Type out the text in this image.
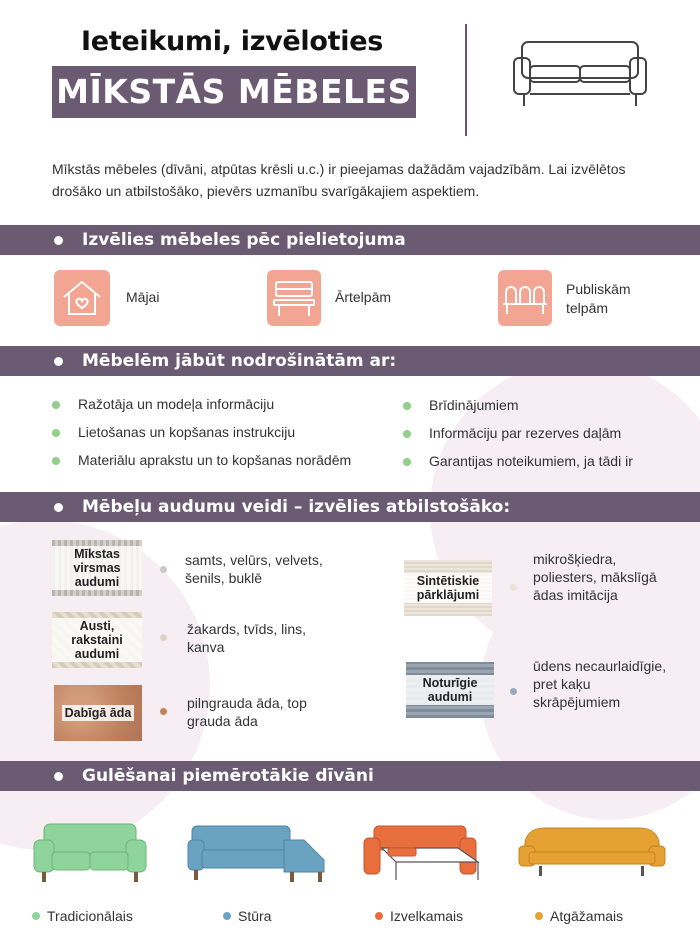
Ieteikumi, izvēloties
MĪKSTĀS MĒBELES
Mīkstās mēbeles (dīvāni, atpūtas krēsli u.c.) ir pieejamas dažādām vajadzībām. Lai izvēlētos drošāko un atbilstošāko, pievērs uzmanību svarīgākajiem aspektiem.
Izvēlies mēbeles pēc pielietojuma
Mājai	Ārtelpām	Publiskām telpām
Mēbelēm jābūt nodrošinātām ar:
Ražotāja un modeļa informāciju
Lietošanas un kopšanas instrukciju
Materiālu aprakstu un to kopšanas norādēm
Brīdinājumiem
Informāciju par rezerves daļām
Garantijas noteikumiem, ja tādi ir
Mēbeļu audumu veidi – izvēlies atbilstošāko:
Mīkstas virsmas audumi
samts, velūrs, velvets, šenils, buklē
Austi, rakstaini audumi
žakards, tvīds, lins, kanva
Dabīgā āda
pilngrauda āda, top grauda āda
Sintētiskie pārklājumi
mikrošķiedra, poliesters, mākslīgā ādas imitācija
Noturīgie audumi
ūdens necaurlaidīgie, pret kaķu skrāpējumiem
Gulēšanai piemērotākie dīvāni
Tradicionālais	Stūra	Izvelkamais	Atgāžamais
